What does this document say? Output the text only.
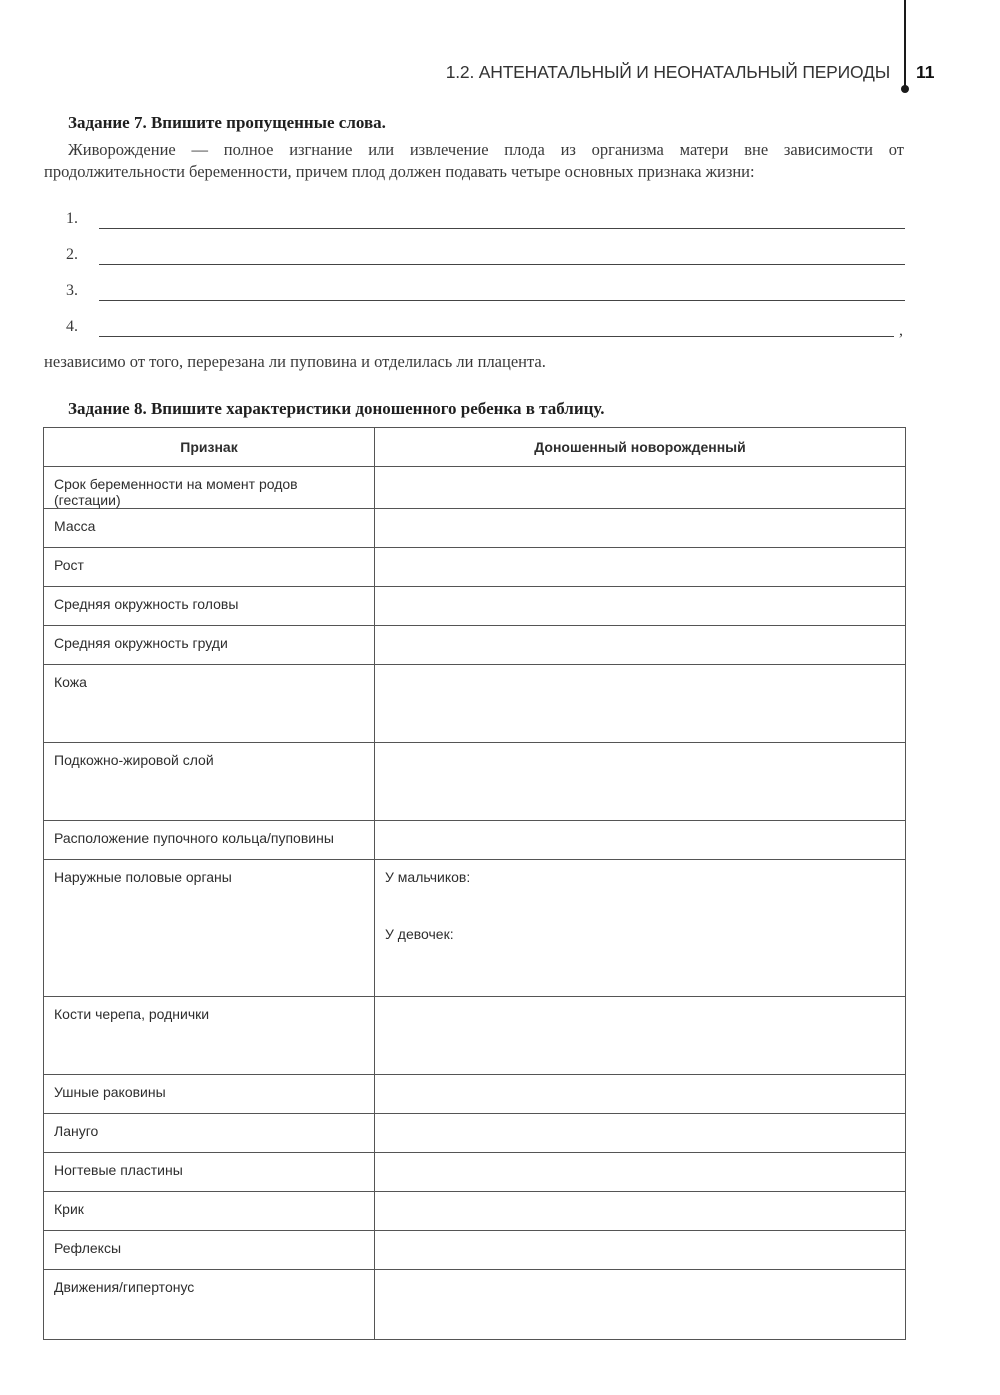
1.2. АНТЕНАТАЛЬНЫЙ И НЕОНАТАЛЬНЫЙ ПЕРИОДЫ 11
Задание 7. Впишите пропущенные слова.
Живорождение — полное изгнание или извлечение плода из организма матери вне зависимости от продолжительности беременности, причем плод должен подавать четыре основных признака жизни:
1.
2.
3.
4.	,
независимо от того, перерезана ли пуповина и отделилась ли плацента.
Задание 8. Впишите характеристики доношенного ребенка в таблицу.
Признак	Доношенный новорожденный
Срок беременности на момент родов (гестации)	
Масса	
Рост	
Средняя окружность головы	
Средняя окружность груди	
Кожа	
Подкожно-жировой слой	
Расположение пупочного кольца/пуповины	
Наружные половые органы	У мальчиков:
У девочек:

Кости черепа, роднички	
Ушные раковины	
Лануго	
Ногтевые пластины	
Крик	
Рефлексы	
Движения/гипертонус	
